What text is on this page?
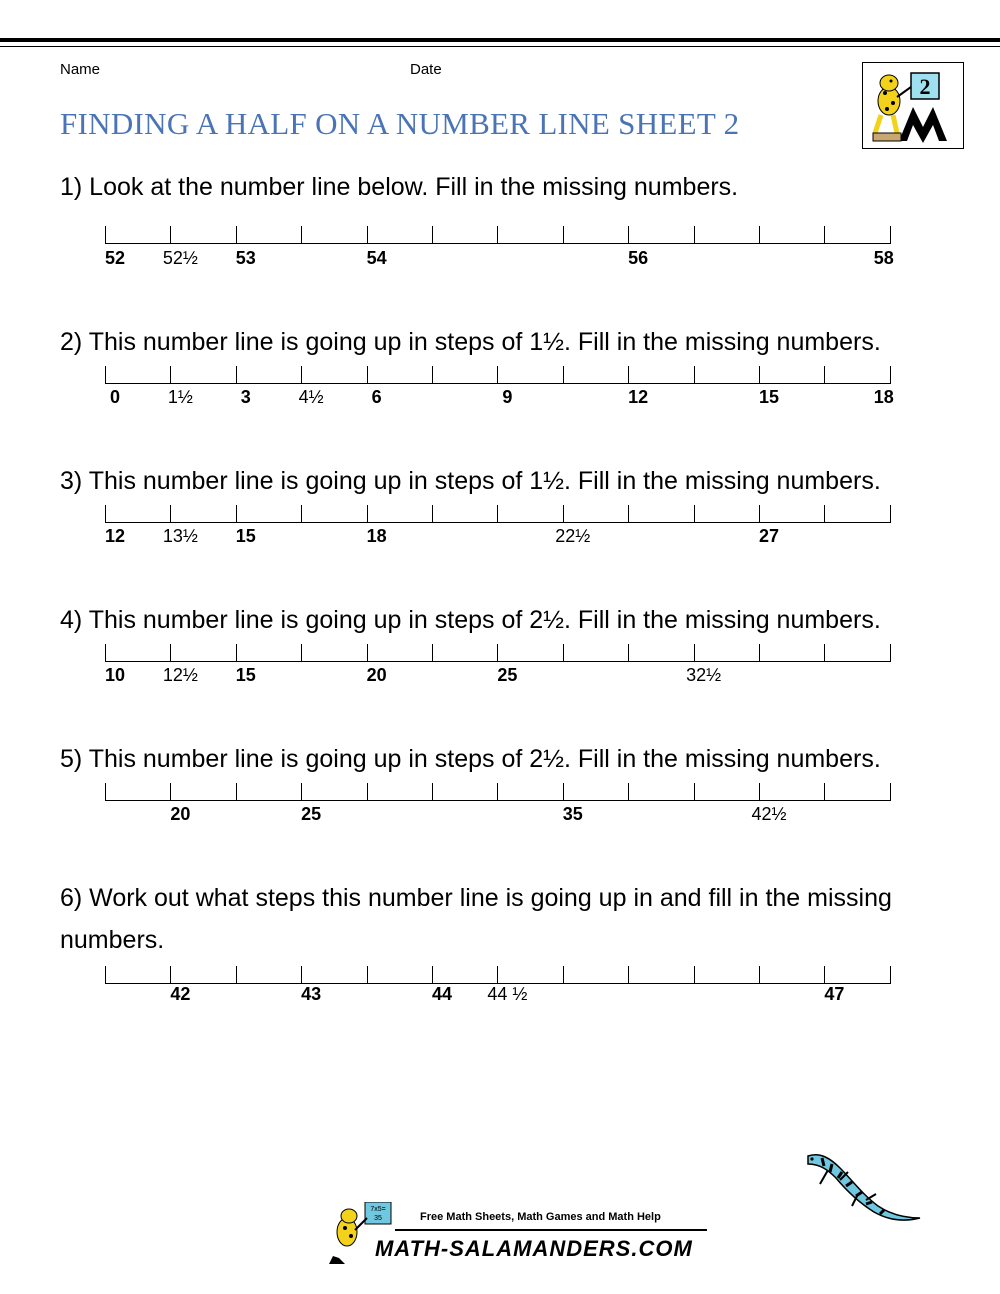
Name	Date
FINDING A HALF ON A NUMBER LINE SHEET 2
2
1) Look at the number line below. Fill in the missing numbers.
2) This number line is going up in steps of 1½. Fill in the missing numbers.
3) This number line is going up in steps of 1½. Fill in the missing numbers.
4) This number line is going up in steps of 2½. Fill in the missing numbers.
5) This number line is going up in steps of 2½. Fill in the missing numbers.
6) Work out what steps this number line is going up in and fill in the missing numbers.
7x5=
35	Free Math Sheets, Math Games and Math Help
MATH-SALAMANDERS.COM
52 52½ 53	54	56	58
0	1½	3	4½	6	9	12	15	18
12 13½ 15	18	22½	27
10 12½ 15	20	25	32½
20	25	35	42½
42	43	44 44 ½	47
